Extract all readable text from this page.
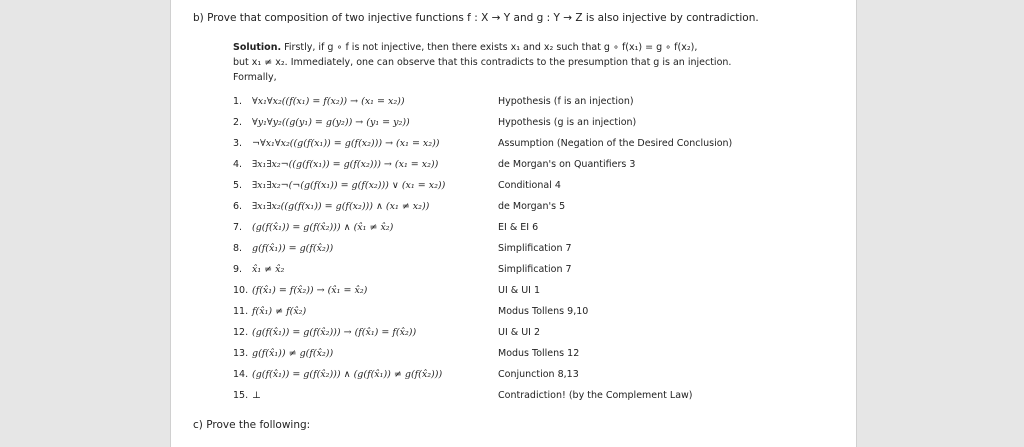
b) Prove that composition of two injective functions f : X → Y and g : Y → Z is also injective by contradiction.
Solution. Firstly, if g ∘ f is not injective, then there exists x₁ and x₂ such that g ∘ f(x₁) = g ∘ f(x₂),
but x₁ ≠ x₂. Immediately, one can observe that this contradicts to the presumption that g is an injection.
Formally,
1.	∀x₁∀x₂((f(x₁) = f(x₂)) → (x₁ = x₂))	Hypothesis (f is an injection)
2.	∀y₁∀y₂((g(y₁) = g(y₂)) → (y₁ = y₂))	Hypothesis (g is an injection)
3.	¬∀x₁∀x₂((g(f(x₁)) = g(f(x₂))) → (x₁ = x₂))	Assumption (Negation of the Desired Conclusion)
4.	∃x₁∃x₂¬((g(f(x₁)) = g(f(x₂))) → (x₁ = x₂))	de Morgan's on Quantifiers 3
5.	∃x₁∃x₂¬(¬(g(f(x₁)) = g(f(x₂))) ∨ (x₁ = x₂))	Conditional 4
6.	∃x₁∃x₂((g(f(x₁)) = g(f(x₂))) ∧ (x₁ ≠ x₂))	de Morgan's 5
7.	(g(f(x̂₁)) = g(f(x̂₂))) ∧ (x̂₁ ≠ x̂₂)	EI & EI 6
8.	g(f(x̂₁)) = g(f(x̂₂))	Simplification 7
9.	x̂₁ ≠ x̂₂	Simplification 7
10. (f(x̂₁) = f(x̂₂)) → (x̂₁ = x̂₂)	UI & UI 1
11. f(x̂₁) ≠ f(x̂₂)	Modus Tollens 9,10
12. (g(f(x̂₁)) = g(f(x̂₂))) → (f(x̂₁) = f(x̂₂))	UI & UI 2
13. g(f(x̂₁)) ≠ g(f(x̂₂))	Modus Tollens 12
14. (g(f(x̂₁)) = g(f(x̂₂))) ∧ (g(f(x̂₁)) ≠ g(f(x̂₂)))	Conjunction 8,13
15. ⊥	Contradiction! (by the Complement Law)
c) Prove the following:
